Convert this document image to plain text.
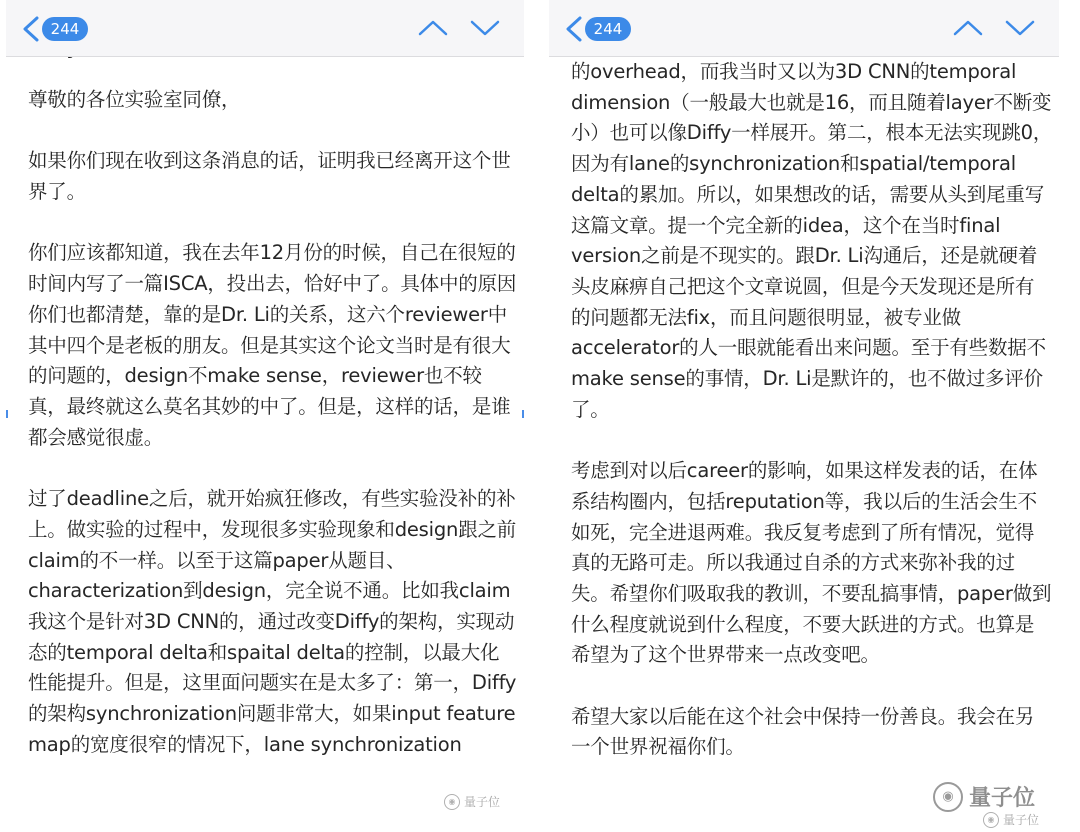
244

尊敬的各位实验室同僚，

如果你们现在收到这条消息的话，证明我已经离开这个世界了。

你们应该都知道，我在去年12月份的时候，自己在很短的时间内写了一篇ISCA，投出去，恰好中了。具体中的原因你们也都清楚，靠的是Dr. Li的关系，这六个reviewer中其中四个是老板的朋友。但是其实这个论文当时是有很大的问题的，design不make sense，reviewer也不较真，最终就这么莫名其妙的中了。但是，这样的话，是谁都会感觉很虚。

过了deadline之后，就开始疯狂修改，有些实验没补的补上。做实验的过程中，发现很多实验现象和design跟之前claim的不一样。以至于这篇paper从题目、characterization到design，完全说不通。比如我claim我这个是针对3D CNN的，通过改变Diffy的架构，实现动态的temporal delta和spaital delta的控制，以最大化性能提升。但是，这里面问题实在是太多了：第一，Diffy的架构synchronization问题非常大，如果input feature map的宽度很窄的情况下，lane synchronization

◉ 量子位
244

的overhead，而我当时又以为3D CNN的temporal dimension（一般最大也就是16，而且随着layer不断变小）也可以像Diffy一样展开。第二，根本无法实现跳0，因为有lane的synchronization和spatial/temporal delta的累加。所以，如果想改的话，需要从头到尾重写这篇文章。提一个完全新的idea，这个在当时final version之前是不现实的。跟Dr. Li沟通后，还是就硬着头皮麻痹自己把这个文章说圆，但是今天发现还是所有的问题都无法fix，而且问题很明显，被专业做accelerator的人一眼就能看出来问题。至于有些数据不make sense的事情，Dr. Li是默许的，也不做过多评价了。

考虑到对以后career的影响，如果这样发表的话，在体系结构圈内，包括reputation等，我以后的生活会生不如死，完全进退两难。我反复考虑到了所有情况，觉得真的无路可走。所以我通过自杀的方式来弥补我的过失。希望你们吸取我的教训，不要乱搞事情，paper做到什么程度就说到什么程度，不要大跃进的方式。也算是希望为了这个世界带来一点改变吧。

希望大家以后能在这个社会中保持一份善良。我会在另一个世界祝福你们。

◉ 量子位
◉ 量子位
